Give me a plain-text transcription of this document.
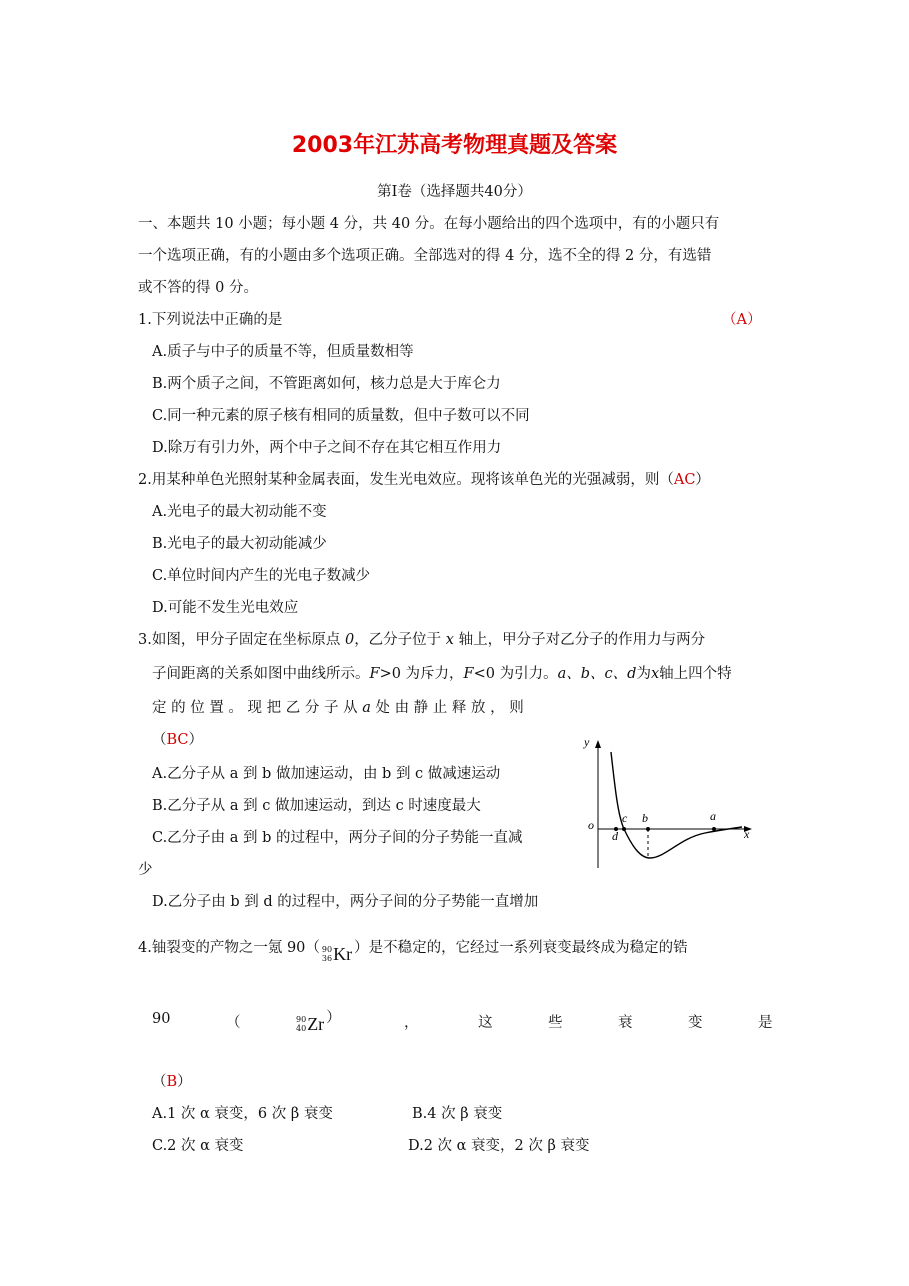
2003年江苏高考物理真题及答案
第Ⅰ卷（选择题共40分）
一、本题共 10 小题；每小题 4 分，共 40 分。在每小题给出的四个选项中，有的小题只有
一个选项正确，有的小题由多个选项正确。全部选对的得 4 分，选不全的得 2 分，有选错
或不答的得 0 分。
1.下列说法中正确的是	（A）
A.质子与中子的质量不等，但质量数相等
B.两个质子之间，不管距离如何，核力总是大于库仑力
C.同一种元素的原子核有相同的质量数，但中子数可以不同
D.除万有引力外，两个中子之间不存在其它相互作用力
2.用某种单色光照射某种金属表面，发生光电效应。现将该单色光的光强减弱，则（AC）
A.光电子的最大初动能不变
B.光电子的最大初动能减少
C.单位时间内产生的光电子数减少
D.可能不发生光电效应
3.如图，甲分子固定在坐标原点 0，乙分子位于 x 轴上，甲分子对乙分子的作用力与两分
子间距离的关系如图中曲线所示。F>0 为斥力，F<0 为引力。a、b、c、d为x轴上四个特
定 的 位 置 。 现 把 乙 分 子 从 a 处 由 静 止 释 放 ， 则
（BC）
A.乙分子从 a 到 b 做加速运动，由 b 到 c 做减速运动
B.乙分子从 a 到 c 做加速运动，到达 c 时速度最大
C.乙分子由 a 到 b 的过程中，两分子间的分子势能一直减
少
D.乙分子由 b 到 d 的过程中，两分子间的分子势能一直增加
y
o
x
c b	a
d
4.铀裂变的产物之一氪 90（ 90
36 Kr ）是不稳定的，它经过一系列衰变最终成为稳定的锆
90	（	90
40 Zr ）	，	这	些	衰	变	是
（B）
A.1 次 α 衰变，6 次 β 衰变	B.4 次 β 衰变
C.2 次 α 衰变	D.2 次 α 衰变，2 次 β 衰变
